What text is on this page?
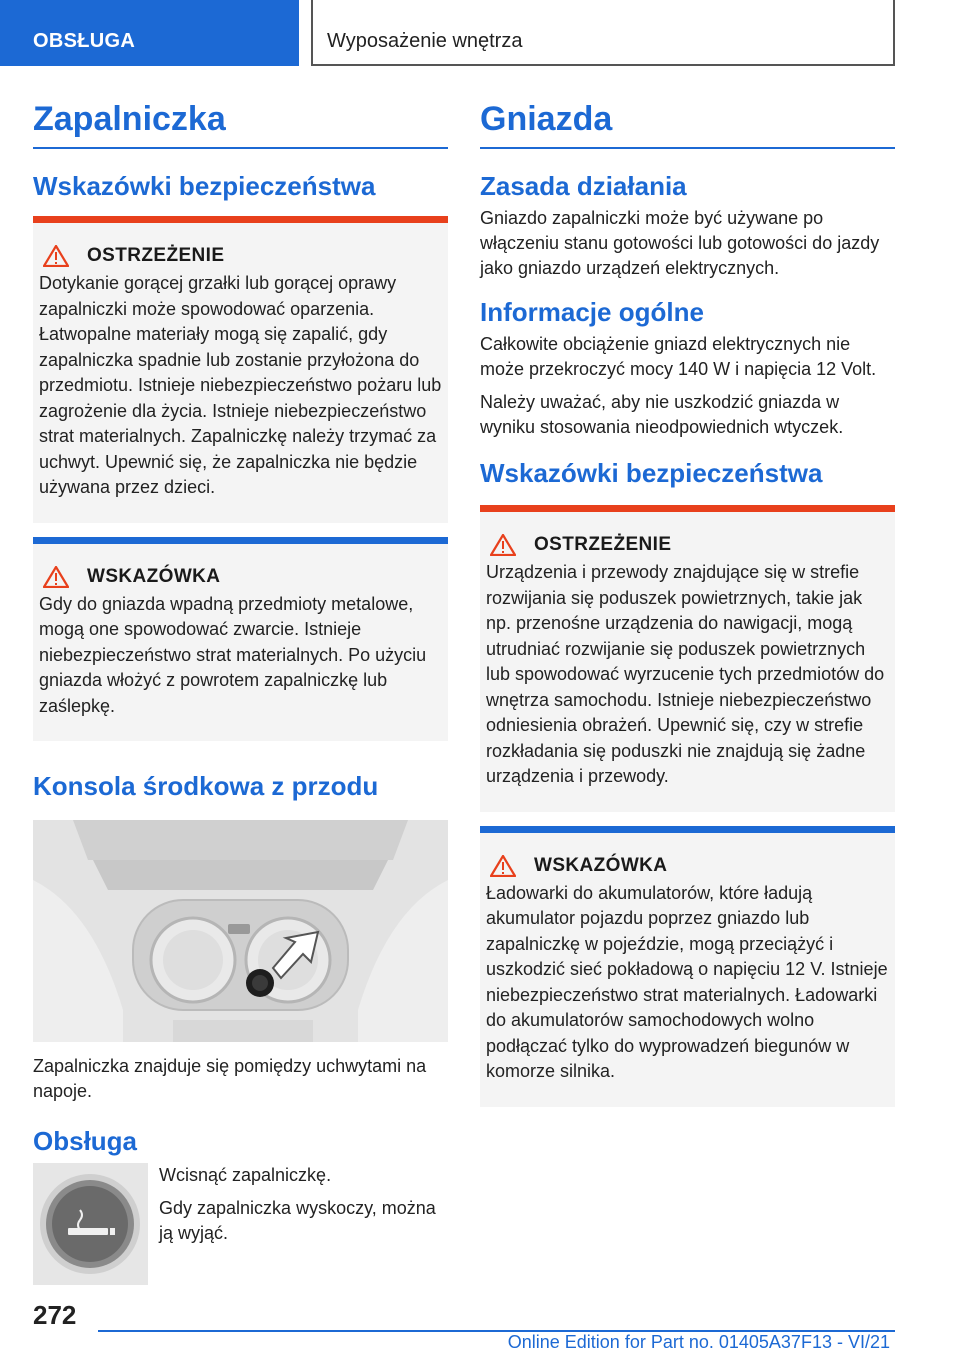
OBSŁUGA	Wyposażenie wnętrza
Zapalniczka
Wskazówki bezpieczeństwa
OSTRZEŻENIE
Dotykanie gorącej grzałki lub gorącej oprawy zapalniczki może spowodować oparzenia. Łatwopalne materiały mogą się zapalić, gdy zapalniczka spadnie lub zostanie przyłożona do przedmiotu. Istnieje niebezpieczeństwo pożaru lub zagrożenie dla życia. Istnieje niebezpieczeństwo strat materialnych. Zapalniczkę należy trzymać za uchwyt. Upewnić się, że zapalniczka nie będzie używana przez dzieci.
WSKAZÓWKA
Gdy do gniazda wpadną przedmioty metalowe, mogą one spowodować zwarcie. Istnieje niebezpieczeństwo strat materialnych. Po użyciu gniazda włożyć z powrotem zapalniczkę lub zaślepkę.
Konsola środkowa z przodu
Zapalniczka znajduje się pomiędzy uchwytami na napoje.
Obsługa
Wcisnąć zapalniczkę.
Gdy zapalniczka wyskoczy, można ją wyjąć.
Gniazda
Zasada działania
Gniazdo zapalniczki może być używane po włączeniu stanu gotowości lub gotowości do jazdy jako gniazdo urządzeń elektrycznych.
Informacje ogólne
Całkowite obciążenie gniazd elektrycznych nie może przekroczyć mocy 140 W i napięcia 12 Volt.
Należy uważać, aby nie uszkodzić gniazda w wyniku stosowania nieodpowiednich wtyczek.
Wskazówki bezpieczeństwa
OSTRZEŻENIE
Urządzenia i przewody znajdujące się w strefie rozwijania się poduszek powietrznych, takie jak np. przenośne urządzenia do nawigacji, mogą utrudniać rozwijanie się poduszek powietrznych lub spowodować wyrzucenie tych przedmiotów do wnętrza samochodu. Istnieje niebezpieczeństwo odniesienia obrażeń. Upewnić się, czy w strefie rozkładania się poduszki nie znajdują się żadne urządzenia i przewody.
WSKAZÓWKA
Ładowarki do akumulatorów, które ładują akumulator pojazdu poprzez gniazdo lub zapalniczkę w pojeździe, mogą przeciążyć i uszkodzić sieć pokładową o napięciu 12 V. Istnieje niebezpieczeństwo strat materialnych. Ładowarki do akumulatorów samochodowych wolno podłączać tylko do wyprowadzeń biegunów w komorze silnika.
272
Online Edition for Part no. 01405A37F13 - VI/21
